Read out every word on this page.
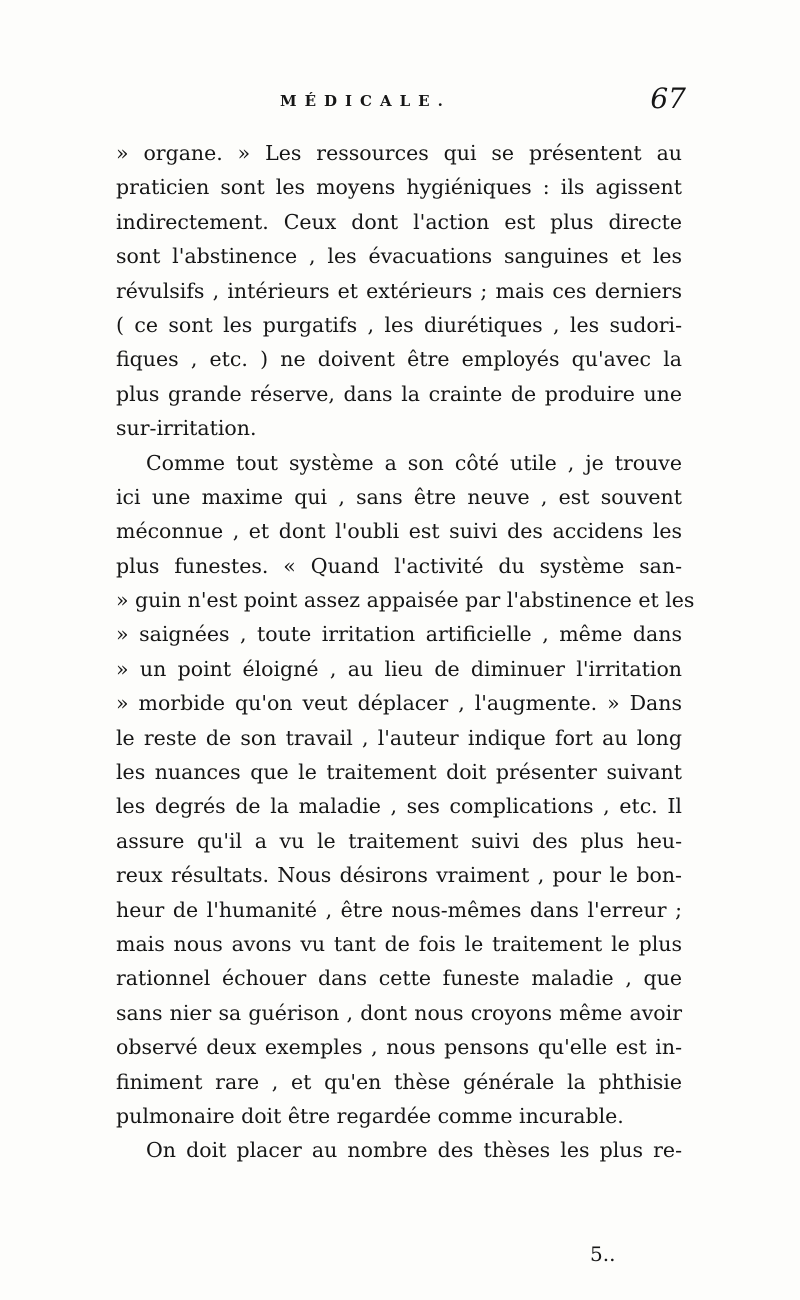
MÉDICALE.	67
» organe. » Les ressources qui se présentent au
praticien sont les moyens hygiéniques : ils agissent
indirectement. Ceux dont l'action est plus directe
sont l'abstinence , les évacuations sanguines et les
révulsifs , intérieurs et extérieurs ; mais ces derniers
( ce sont les purgatifs , les diurétiques , les sudori-
fiques , etc. ) ne doivent être employés qu'avec la
plus grande réserve, dans la crainte de produire une
sur-irritation.
Comme tout système a son côté utile , je trouve
ici une maxime qui , sans être neuve , est souvent
méconnue , et dont l'oubli est suivi des accidens les
plus funestes. « Quand l'activité du système san-
» guin n'est point assez appaisée par l'abstinence et les
» saignées , toute irritation artificielle , même dans
» un point éloigné , au lieu de diminuer l'irritation
» morbide qu'on veut déplacer , l'augmente. » Dans
le reste de son travail , l'auteur indique fort au long
les nuances que le traitement doit présenter suivant
les degrés de la maladie , ses complications , etc. Il
assure qu'il a vu le traitement suivi des plus heu-
reux résultats. Nous désirons vraiment , pour le bon-
heur de l'humanité , être nous-mêmes dans l'erreur ;
mais nous avons vu tant de fois le traitement le plus
rationnel échouer dans cette funeste maladie , que
sans nier sa guérison , dont nous croyons même avoir
observé deux exemples , nous pensons qu'elle est in-
finiment rare , et qu'en thèse générale la phthisie
pulmonaire doit être regardée comme incurable.
On doit placer au nombre des thèses les plus re-
5..
